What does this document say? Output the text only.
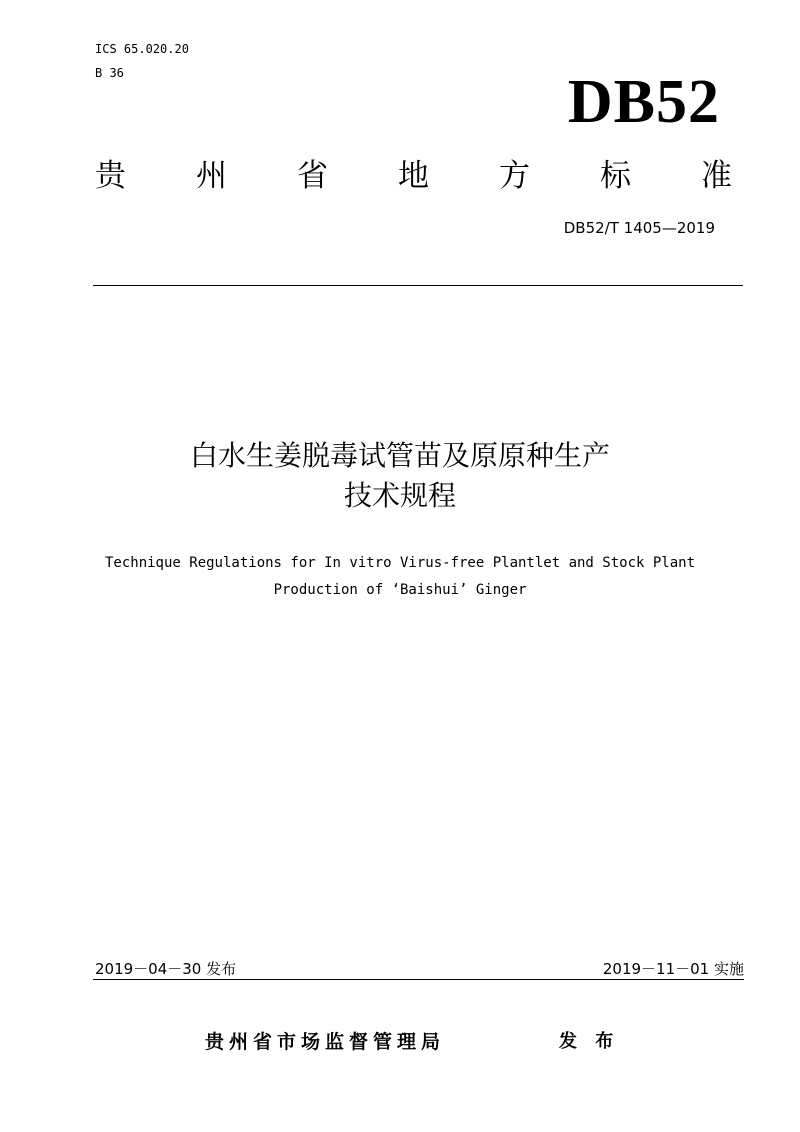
ICS 65.020.20
B 36	DB52
贵 州 省 地 方 标 准
DB52/T 1405—2019
白水生姜脱毒试管苗及原原种生产
技术规程
Technique Regulations for In vitro Virus-free Plantlet and Stock Plant
Production of ‘Baishui’ Ginger
2019－04－30 发布	2019－11－01 实施
贵州省市场监督管理局	发 布
